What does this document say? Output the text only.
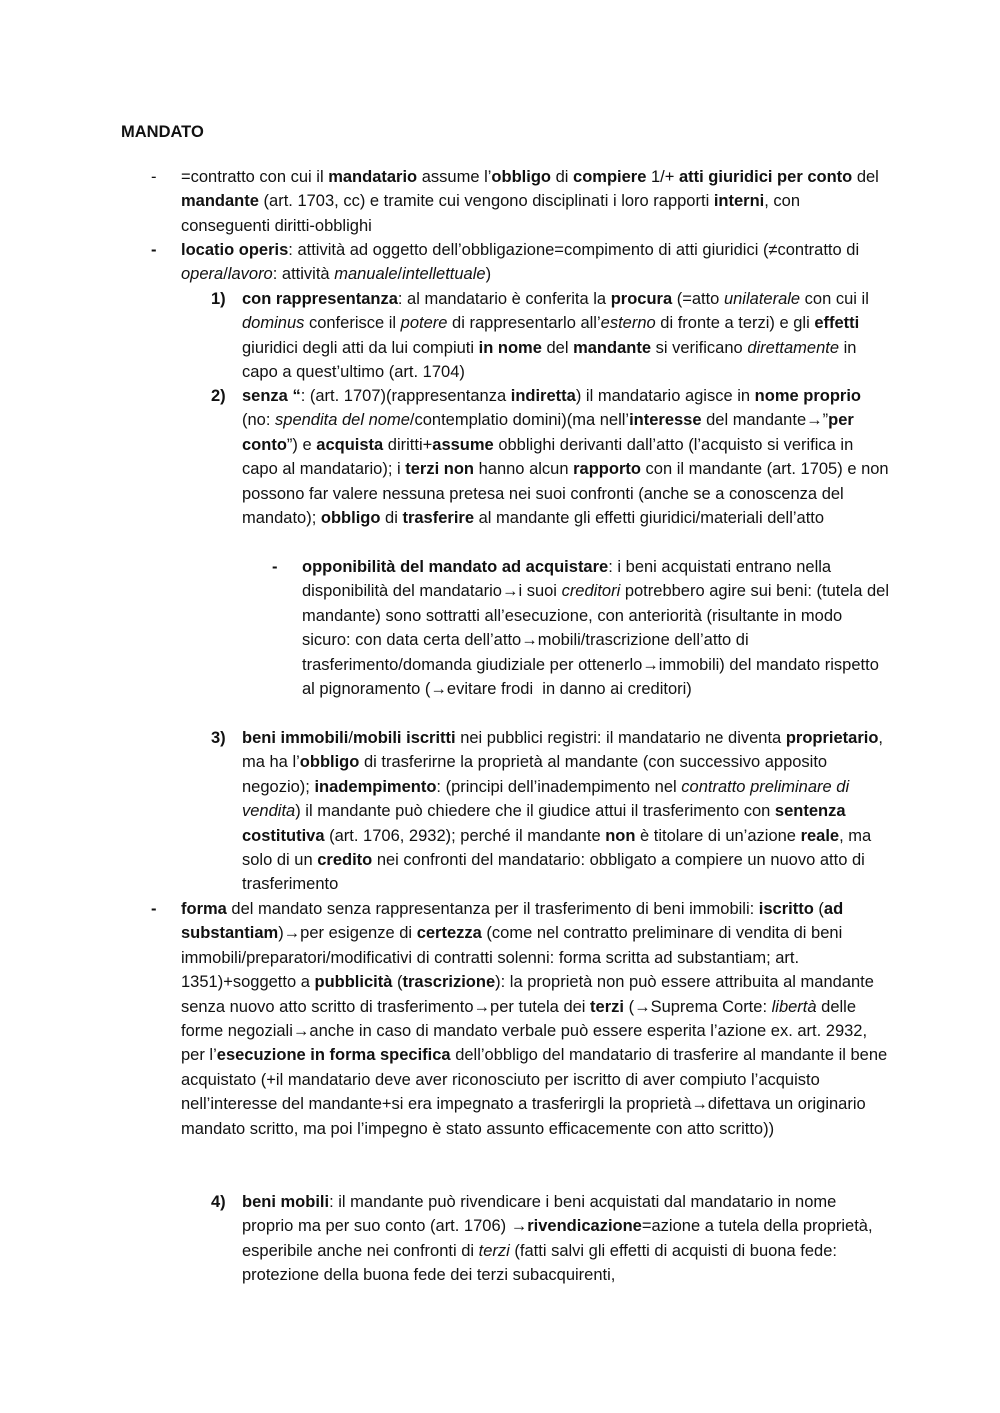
MANDATO
- =contratto con cui il mandatario assume l’obbligo di compiere 1/+ atti giuridici per conto del mandante (art. 1703, cc) e tramite cui vengono disciplinati i loro rapporti interni, con conseguenti diritti-obblighi
- locatio operis: attività ad oggetto dell’obbligazione=compimento di atti giuridici (≠contratto di opera/lavoro: attività manuale/intellettuale)
1) con rappresentanza: al mandatario è conferita la procura (=atto unilaterale con cui il dominus conferisce il potere di rappresentarlo all’esterno di fronte a terzi) e gli effetti giuridici degli atti da lui compiuti in nome del mandante si verificano direttamente in capo a quest’ultimo (art. 1704)
2) senza “: (art. 1707)(rappresentanza indiretta) il mandatario agisce in nome proprio (no: spendita del nome/contemplatio domini)(ma nell’interesse del mandante→”per conto”) e acquista diritti+assume obblighi derivanti dall’atto (l’acquisto si verifica in capo al mandatario); i terzi non hanno alcun rapporto con il mandante (art. 1705) e non possono far valere nessuna pretesa nei suoi confronti (anche se a conoscenza del mandato); obbligo di trasferire al mandante gli effetti giuridici/materiali dell’atto
- opponibilità del mandato ad acquistare: i beni acquistati entrano nella disponibilità del mandatario→i suoi creditori potrebbero agire sui beni: (tutela del mandante) sono sottratti all’esecuzione, con anteriorità (risultante in modo sicuro: con data certa dell’atto→mobili/trascrizione dell’atto di trasferimento/domanda giudiziale per ottenerlo→immobili) del mandato rispetto al pignoramento (→evitare frodi  in danno ai creditori)
3) beni immobili/mobili iscritti nei pubblici registri: il mandatario ne diventa proprietario, ma ha l’obbligo di trasferirne la proprietà al mandante (con successivo apposito negozio); inadempimento: (principi dell’inadempimento nel contratto preliminare di vendita) il mandante può chiedere che il giudice attui il trasferimento con sentenza costitutiva (art. 1706, 2932); perché il mandante non è titolare di un’azione reale, ma solo di un credito nei confronti del mandatario: obbligato a compiere un nuovo atto di trasferimento
- forma del mandato senza rappresentanza per il trasferimento di beni immobili: iscritto (ad substantiam)→per esigenze di certezza (come nel contratto preliminare di vendita di beni immobili/preparatori/modificativi di contratti solenni: forma scritta ad substantiam; art. 1351)+soggetto a pubblicità (trascrizione): la proprietà non può essere attribuita al mandante senza nuovo atto scritto di trasferimento→per tutela dei terzi (→Suprema Corte: libertà delle forme negoziali→anche in caso di mandato verbale può essere esperita l’azione ex. art. 2932, per l’esecuzione in forma specifica dell’obbligo del mandatario di trasferire al mandante il bene acquistato (+il mandatario deve aver riconosciuto per iscritto di aver compiuto l’acquisto nell’interesse del mandante+si era impegnato a trasferirgli la proprietà→difettava un originario mandato scritto, ma poi l’impegno è stato assunto efficacemente con atto scritto))
4) beni mobili: il mandante può rivendicare i beni acquistati dal mandatario in nome proprio ma per suo conto (art. 1706) →rivendicazione=azione a tutela della proprietà, esperibile anche nei confronti di terzi (fatti salvi gli effetti di acquisti di buona fede: protezione della buona fede dei terzi subacquirenti,
